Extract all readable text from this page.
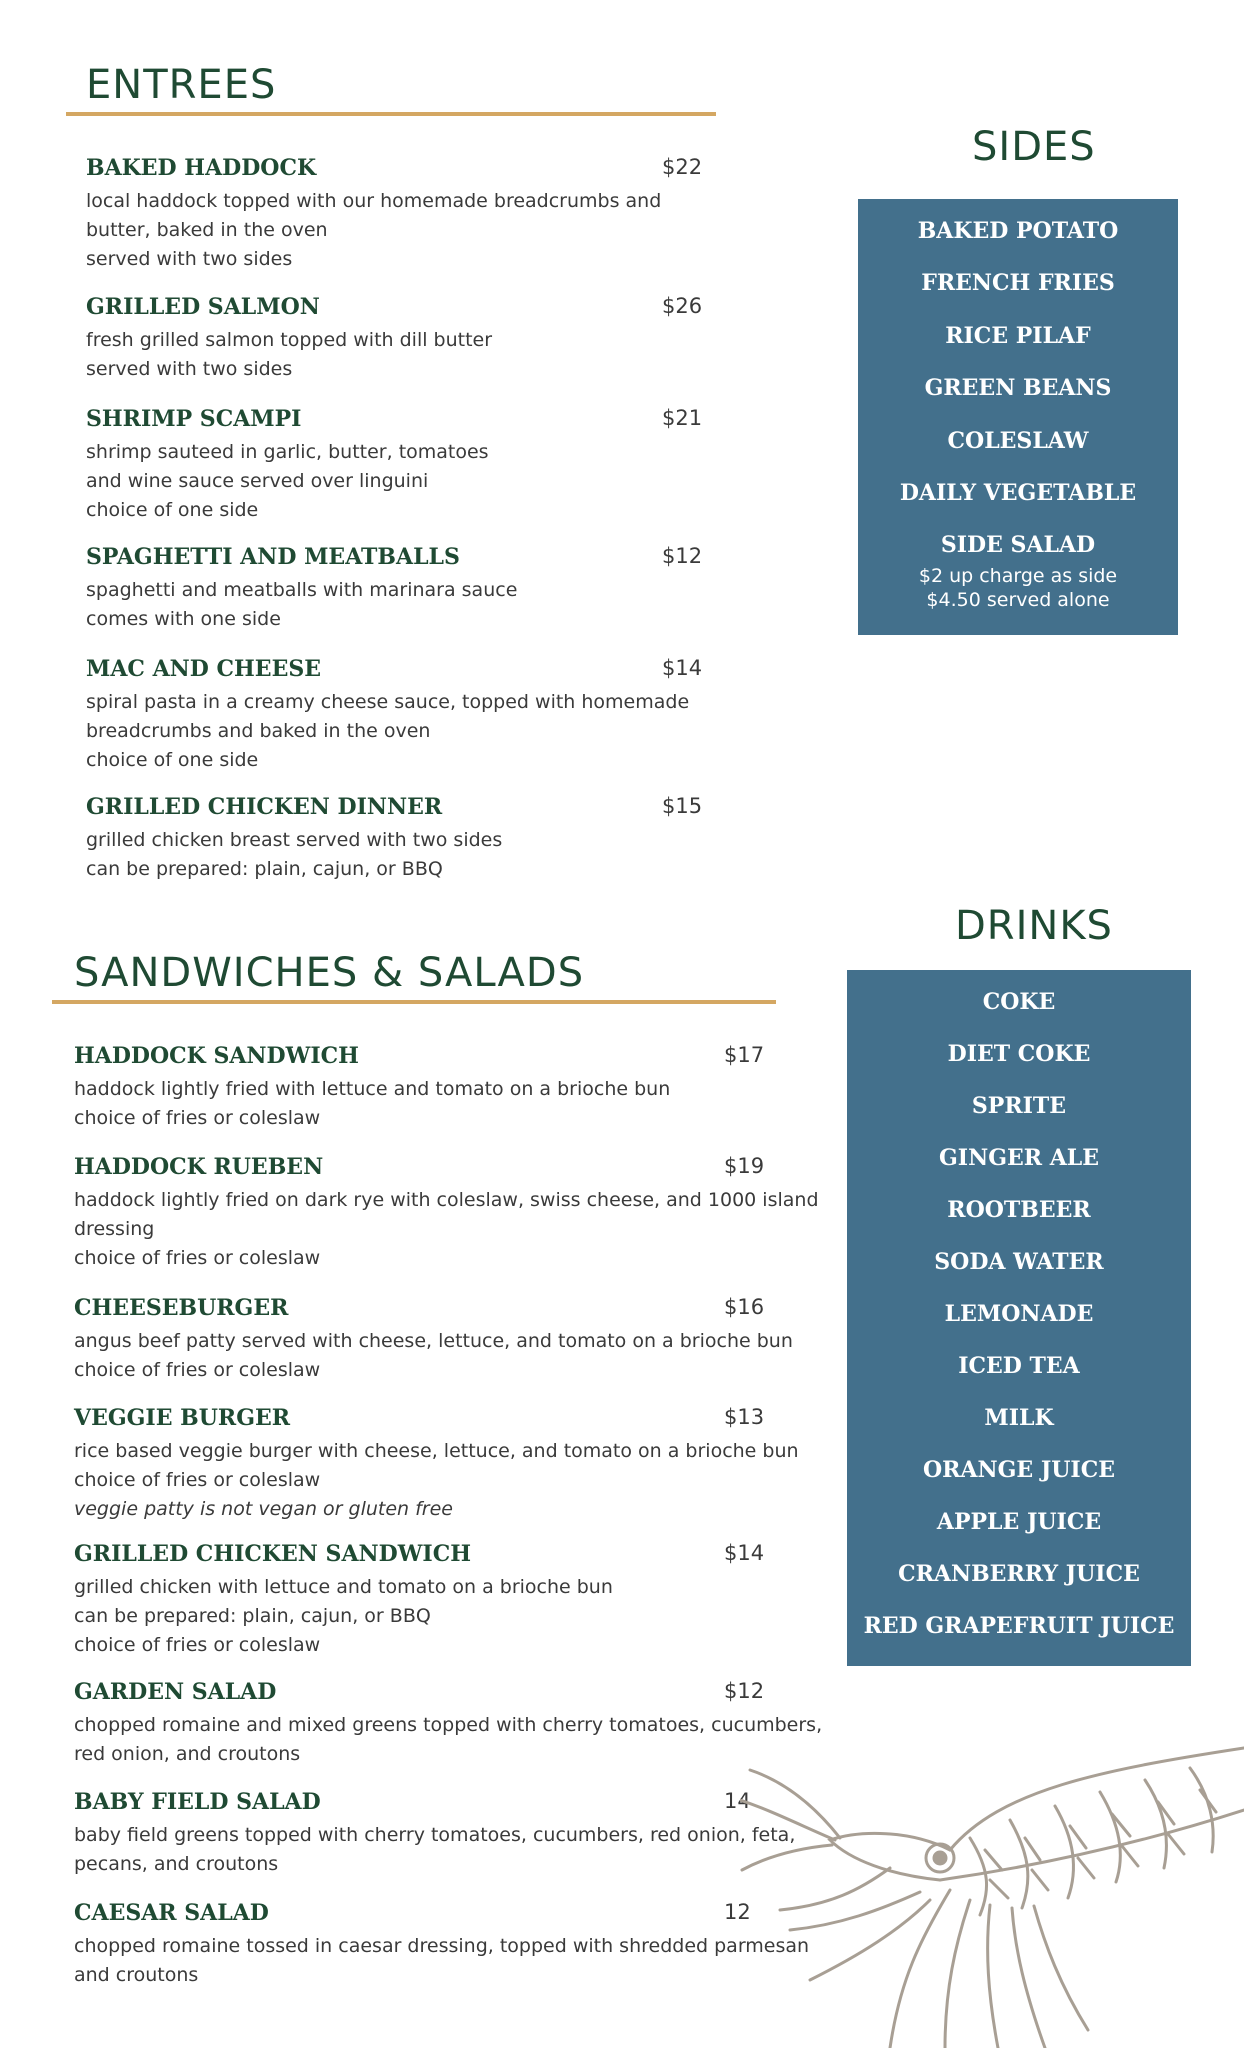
ENTREES
BAKED HADDOCK	$22
local haddock topped with our homemade breadcrumbs and
butter, baked in the oven
served with two sides
GRILLED SALMON	$26
fresh grilled salmon topped with dill butter
served with two sides
SHRIMP SCAMPI	$21
shrimp sauteed in garlic, butter, tomatoes
and wine sauce served over linguini
choice of one side
SPAGHETTI AND MEATBALLS	$12
spaghetti and meatballs with marinara sauce
comes with one side
MAC AND CHEESE	$14
spiral pasta in a creamy cheese sauce, topped with homemade
breadcrumbs and baked in the oven
choice of one side
GRILLED CHICKEN DINNER	$15
grilled chicken breast served with two sides
can be prepared: plain, cajun, or BBQ
SANDWICHES & SALADS
HADDOCK SANDWICH	$17
haddock lightly fried with lettuce and tomato on a brioche bun
choice of fries or coleslaw
HADDOCK RUEBEN	$19
haddock lightly fried on dark rye with coleslaw, swiss cheese, and 1000 island
dressing
choice of fries or coleslaw
CHEESEBURGER	$16
angus beef patty served with cheese, lettuce, and tomato on a brioche bun
choice of fries or coleslaw
VEGGIE BURGER	$13
rice based veggie burger with cheese, lettuce, and tomato on a brioche bun
choice of fries or coleslaw
veggie patty is not vegan or gluten free
GRILLED CHICKEN SANDWICH	$14
grilled chicken with lettuce and tomato on a brioche bun
can be prepared: plain, cajun, or BBQ
choice of fries or coleslaw
GARDEN SALAD	$12
chopped romaine and mixed greens topped with cherry tomatoes, cucumbers,
red onion, and croutons
BABY FIELD SALAD	14
baby field greens topped with cherry tomatoes, cucumbers, red onion, feta,
pecans, and croutons
CAESAR SALAD	12
chopped romaine tossed in caesar dressing, topped with shredded parmesan
and croutons
SIDES
BAKED POTATO
FRENCH FRIES
RICE PILAF
GREEN BEANS
COLESLAW
DAILY VEGETABLE
SIDE SALAD
$2 up charge as side
$4.50 served alone
DRINKS
COKE
DIET COKE
SPRITE
GINGER ALE
ROOTBEER
SODA WATER
LEMONADE
ICED TEA
MILK
ORANGE JUICE
APPLE JUICE
CRANBERRY JUICE
RED GRAPEFRUIT JUICE
